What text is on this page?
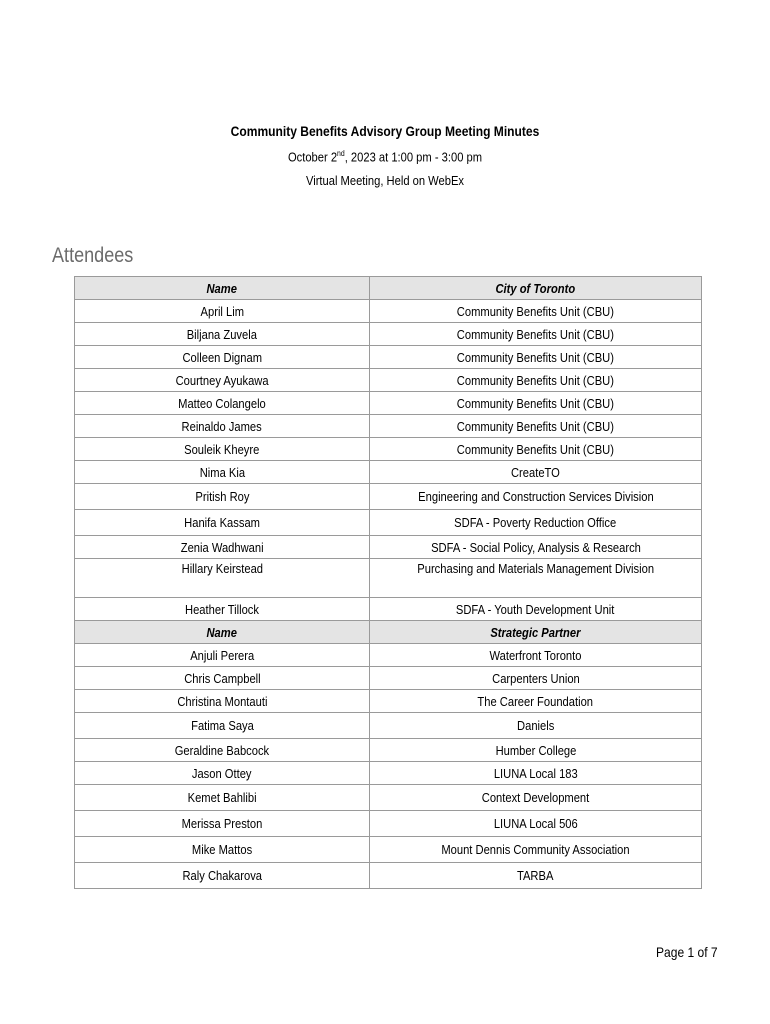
Community Benefits Advisory Group Meeting Minutes
October 2nd, 2023 at 1:00 pm - 3:00 pm
Virtual Meeting, Held on WebEx
Attendees
Name	City of Toronto
April Lim	Community Benefits Unit (CBU)
Biljana Zuvela	Community Benefits Unit (CBU)
Colleen Dignam	Community Benefits Unit (CBU)
Courtney Ayukawa	Community Benefits Unit (CBU)
Matteo Colangelo	Community Benefits Unit (CBU)
Reinaldo James	Community Benefits Unit (CBU)
Souleik Kheyre	Community Benefits Unit (CBU)
Nima Kia	CreateTO
Pritish Roy	Engineering and Construction Services Division
Hanifa Kassam	SDFA - Poverty Reduction Office
Zenia Wadhwani	SDFA - Social Policy, Analysis & Research
Hillary Keirstead	Purchasing and Materials Management Division
Heather Tillock	SDFA - Youth Development Unit
Name	Strategic Partner
Anjuli Perera	Waterfront Toronto
Chris Campbell	Carpenters Union
Christina Montauti	The Career Foundation
Fatima Saya	Daniels
Geraldine Babcock	Humber College
Jason Ottey	LIUNA Local 183
Kemet Bahlibi	Context Development
Merissa Preston	LIUNA Local 506
Mike Mattos	Mount Dennis Community Association
Raly Chakarova	TARBA
Page 1 of 7
